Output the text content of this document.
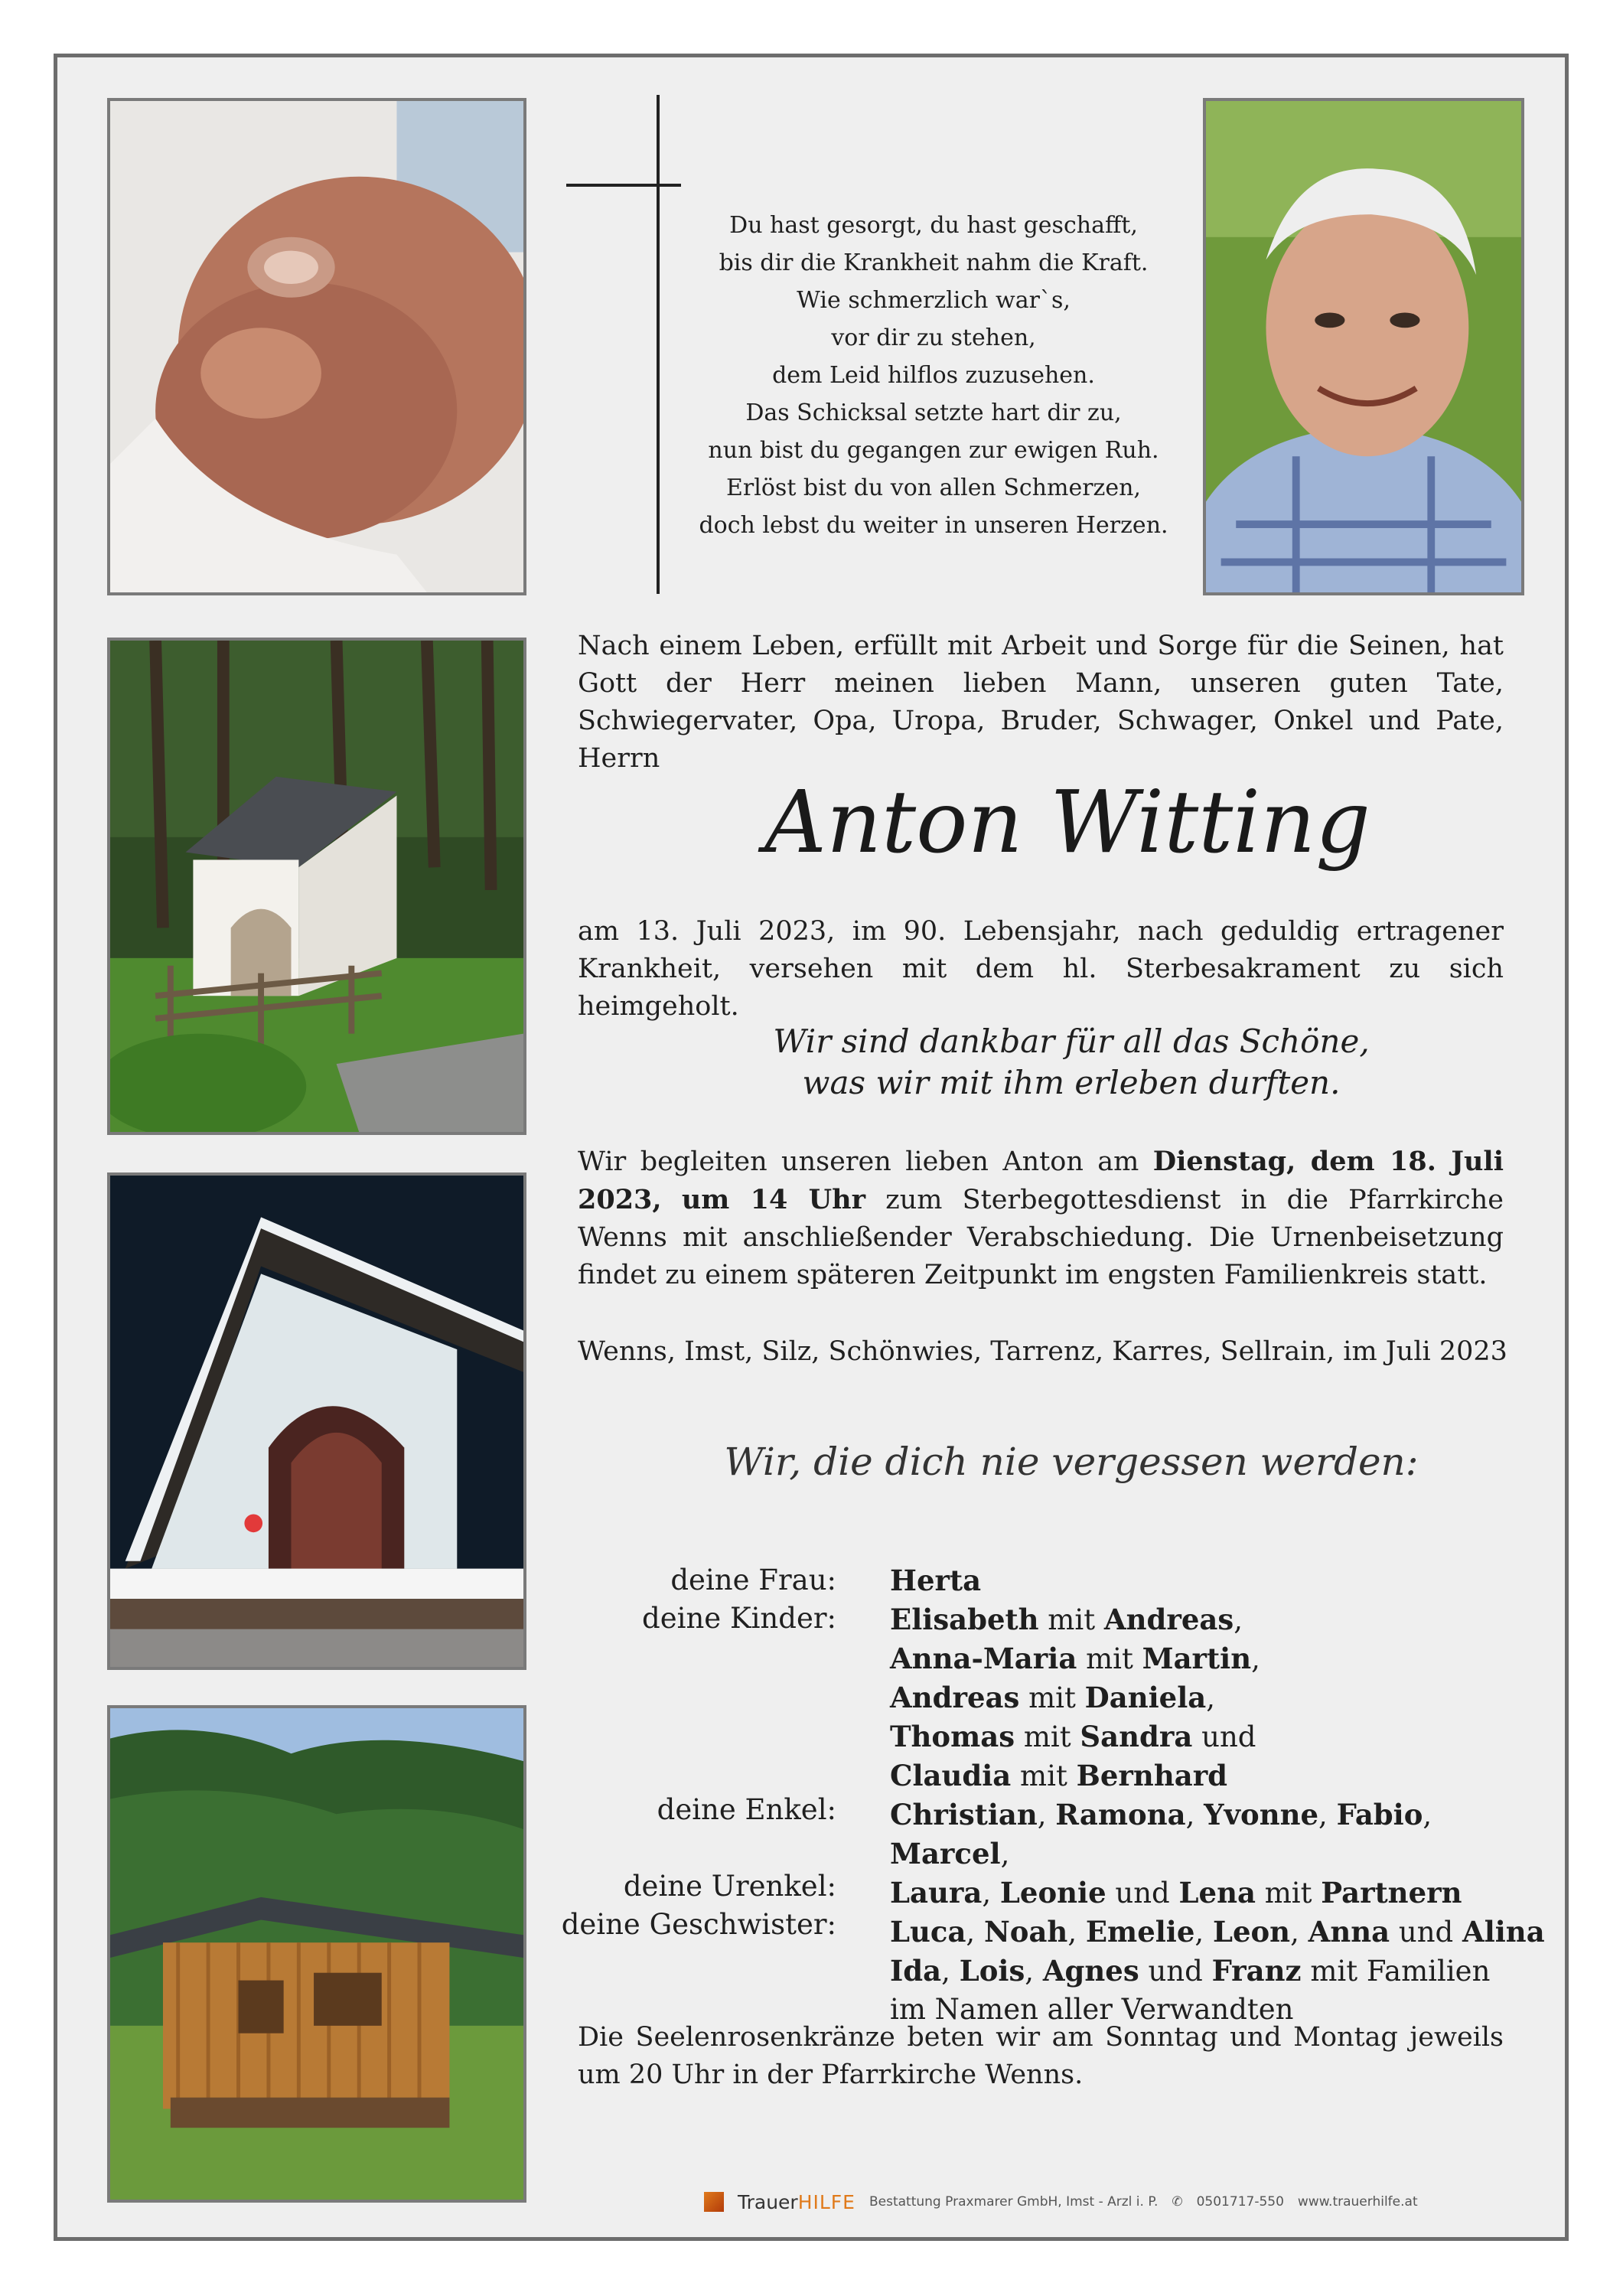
Du hast gesorgt, du hast geschafft,
bis dir die Krankheit nahm die Kraft.
Wie schmerzlich war`s,
vor dir zu stehen,
dem Leid hilflos zuzusehen.
Das Schicksal setzte hart dir zu,
nun bist du gegangen zur ewigen Ruh.
Erlöst bist du von allen Schmerzen,
doch lebst du weiter in unseren Herzen.

Nach einem Leben, erfüllt mit Arbeit und Sorge für die Seinen, hat Gott der Herr meinen lieben Mann, unseren guten Tate, Schwiegervater, Opa, Uropa, Bruder, Schwager, Onkel und Pate, Herrn

Anton Witting

am 13. Juli 2023, im 90. Lebensjahr, nach geduldig ertragener Krankheit, versehen mit dem hl. Sterbesakrament zu sich heimgeholt.

Wir sind dankbar für all das Schöne,
was wir mit ihm erleben durften.

Wir begleiten unseren lieben Anton am Dienstag, dem 18. Juli 2023, um 14 Uhr zum Sterbegottesdienst in die Pfarrkirche Wenns mit anschließender Verabschiedung. Die Urnenbeisetzung findet zu einem späteren Zeitpunkt im engsten Familienkreis statt.

Wenns, Imst, Silz, Schönwies, Tarrenz, Karres, Sellrain, im Juli 2023

Wir, die dich nie vergessen werden:
deine Frau:
deine Kinder:

deine Enkel:

deine Urenkel:
deine Geschwister:
Herta
Elisabeth mit Andreas,
Anna-Maria mit Martin,
Andreas mit Daniela,
Thomas mit Sandra und
Claudia mit Bernhard
Christian, Ramona, Yvonne, Fabio, Marcel,
Laura, Leonie und Lena mit Partnern
Luca, Noah, Emelie, Leon, Anna und Alina
Ida, Lois, Agnes und Franz mit Familien
im Namen aller Verwandten

Die Seelenrosenkränze beten wir am Sonntag und Montag jeweils um 20 Uhr in der Pfarrkirche Wenns.

TrauerHILFE Bestattung Praxmarer GmbH, Imst - Arzl i. P. ✆ 0501717-550 www.trauerhilfe.at
